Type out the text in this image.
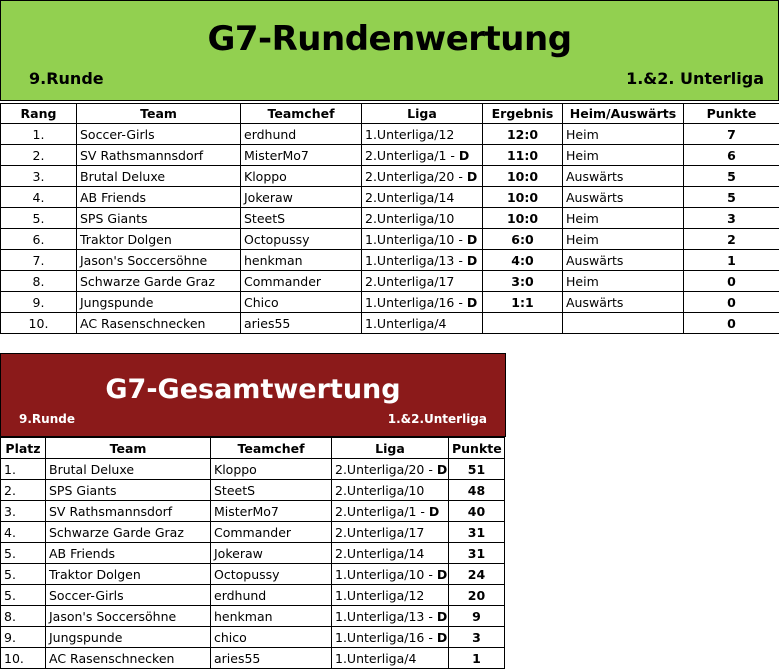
G7-Rundenwertung
9.Runde	1.&2. Unterliga
Rang	Team	Teamchef	Liga	Ergebnis	Heim/Auswärts	Punkte
1.	Soccer-Girls	erdhund	1.Unterliga/12	12:0	Heim	7
2.	SV Rathsmannsdorf	MisterMo7	2.Unterliga/1 - D	11:0	Heim	6
3.	Brutal Deluxe	Kloppo	2.Unterliga/20 - D	10:0	Auswärts	5
4.	AB Friends	Jokeraw	2.Unterliga/14	10:0	Auswärts	5
5.	SPS Giants	SteetS	2.Unterliga/10	10:0	Heim	3
6.	Traktor Dolgen	Octopussy	1.Unterliga/10 - D	6:0	Heim	2
7.	Jason's Soccersöhne	henkman	1.Unterliga/13 - D	4:0	Auswärts	1
8.	Schwarze Garde Graz	Commander	2.Unterliga/17	3:0	Heim	0
9.	Jungspunde	Chico	1.Unterliga/16 - D	1:1	Auswärts	0
10.	AC Rasenschnecken	aries55	1.Unterliga/4			0
G7-Gesamtwertung
9.Runde	1.&2.Unterliga
Platz	Team	Teamchef	Liga	Punkte
1.	Brutal Deluxe	Kloppo	2.Unterliga/20 - D	51
2.	SPS Giants	SteetS	2.Unterliga/10	48
3.	SV Rathsmannsdorf	MisterMo7	2.Unterliga/1 - D	40
4.	Schwarze Garde Graz	Commander	2.Unterliga/17	31
5.	AB Friends	Jokeraw	2.Unterliga/14	31
5.	Traktor Dolgen	Octopussy	1.Unterliga/10 - D	24
5.	Soccer-Girls	erdhund	1.Unterliga/12	20
8.	Jason's Soccersöhne	henkman	1.Unterliga/13 - D	9
9.	Jungspunde	chico	1.Unterliga/16 - D	3
10.	AC Rasenschnecken	aries55	1.Unterliga/4	1
